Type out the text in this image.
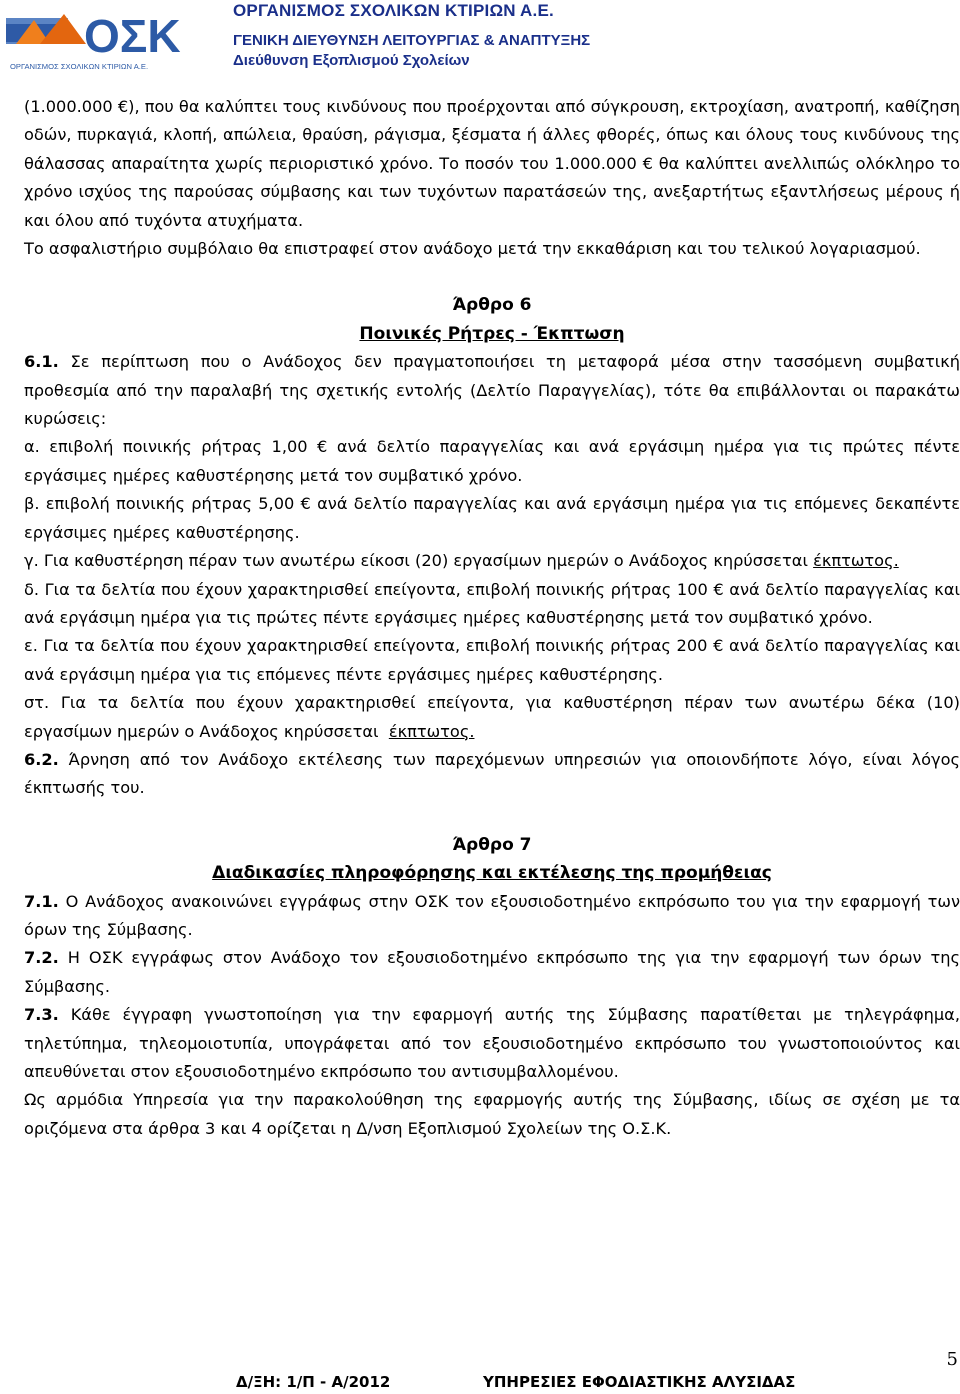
ΟΣΚ
ΟΡΓΑΝΙΣΜΟΣ ΣΧΟΛΙΚΩΝ ΚΤΙΡΙΩΝ Α.Ε.
ΟΡΓΑΝΙΣΜΟΣ ΣΧΟΛΙΚΩΝ ΚΤΙΡΙΩΝ Α.Ε.
ΓΕΝΙΚΗ ΔΙΕΥΘΥΝΣΗ ΛΕΙΤΟΥΡΓΙΑΣ & ΑΝΑΠΤΥΞΗΣ
Διεύθυνση Εξοπλισμού Σχολείων

(1.000.000 €), που θα καλύπτει τους κινδύνους που προέρχονται από σύγκρουση, εκτροχίαση, ανατροπή, καθίζηση οδών, πυρκαγιά, κλοπή, απώλεια, θραύση, ράγισμα, ξέσματα ή άλλες φθορές, όπως και όλους τους κινδύνους της θάλασσας απαραίτητα χωρίς περιοριστικό χρόνο. Το ποσόν του 1.000.000 € θα καλύπτει ανελλιπώς ολόκληρο το χρόνο ισχύος της παρούσας σύμβασης και των τυχόντων παρατάσεών της, ανεξαρτήτως εξαντλήσεως μέρους ή και όλου από τυχόντα ατυχήματα.

Το ασφαλιστήριο συμβόλαιο θα επιστραφεί στον ανάδοχο μετά την εκκαθάριση και του τελικού λογαριασμού.

Άρθρο 6
Ποινικές Ρήτρες - Έκπτωση

6.1. Σε περίπτωση που ο Ανάδοχος δεν πραγματοποιήσει τη μεταφορά μέσα στην τασσόμενη συμβατική προθεσμία από την παραλαβή της σχετικής εντολής (Δελτίο Παραγγελίας), τότε θα επιβάλλονται οι παρακάτω κυρώσεις:

α. επιβολή ποινικής ρήτρας 1,00 € ανά δελτίο παραγγελίας και ανά εργάσιμη ημέρα για τις πρώτες πέντε εργάσιμες ημέρες καθυστέρησης μετά τον συμβατικό χρόνο.

β. επιβολή ποινικής ρήτρας 5,00 € ανά δελτίο παραγγελίας και ανά εργάσιμη ημέρα για τις επόμενες δεκαπέντε εργάσιμες ημέρες καθυστέρησης.

γ. Για καθυστέρηση πέραν των ανωτέρω είκοσι (20) εργασίμων ημερών ο Ανάδοχος κηρύσσεται έκπτωτος.

δ. Για τα δελτία που έχουν χαρακτηρισθεί επείγοντα, επιβολή ποινικής ρήτρας 100 € ανά δελτίο παραγγελίας και ανά εργάσιμη ημέρα για τις πρώτες πέντε εργάσιμες ημέρες καθυστέρησης μετά τον συμβατικό χρόνο.

ε. Για τα δελτία που έχουν χαρακτηρισθεί επείγοντα, επιβολή ποινικής ρήτρας 200 € ανά δελτίο παραγγελίας και ανά εργάσιμη ημέρα για τις επόμενες πέντε εργάσιμες ημέρες καθυστέρησης.

στ. Για τα δελτία που έχουν χαρακτηρισθεί επείγοντα, για καθυστέρηση πέραν των ανωτέρω δέκα (10) εργασίμων ημερών ο Ανάδοχος κηρύσσεται έκπτωτος.

6.2. Άρνηση από τον Ανάδοχο εκτέλεσης των παρεχόμενων υπηρεσιών για οποιονδήποτε λόγο, είναι λόγος έκπτωσής του.

Άρθρο 7
Διαδικασίες πληροφόρησης και εκτέλεσης της προμήθειας

7.1. Ο Ανάδοχος ανακοινώνει εγγράφως στην ΟΣΚ τον εξουσιοδοτημένο εκπρόσωπο του για την εφαρμογή των όρων της Σύμβασης.

7.2. Η ΟΣΚ εγγράφως στον Ανάδοχο τον εξουσιοδοτημένο εκπρόσωπο της για την εφαρμογή των όρων της Σύμβασης.

7.3. Κάθε έγγραφη γνωστοποίηση για την εφαρμογή αυτής της Σύμβασης παρατίθεται με τηλεγράφημα, τηλετύπημα, τηλεομοιοτυπία, υπογράφεται από τον εξουσιοδοτημένο εκπρόσωπο του γνωστοποιούντος και απευθύνεται στον εξουσιοδοτημένο εκπρόσωπο του αντισυμβαλλομένου.

Ως αρμόδια Υπηρεσία για την παρακολούθηση της εφαρμογής αυτής της Σύμβασης, ιδίως σε σχέση με τα οριζόμενα στα άρθρα 3 και 4 ορίζεται η Δ/νση Εξοπλισμού Σχολείων της Ο.Σ.Κ.

5
Δ/ΞΗ: 1/Π - Α/2012	ΥΠΗΡΕΣΙΕΣ ΕΦΟΔΙΑΣΤΙΚΗΣ ΑΛΥΣΙΔΑΣ
